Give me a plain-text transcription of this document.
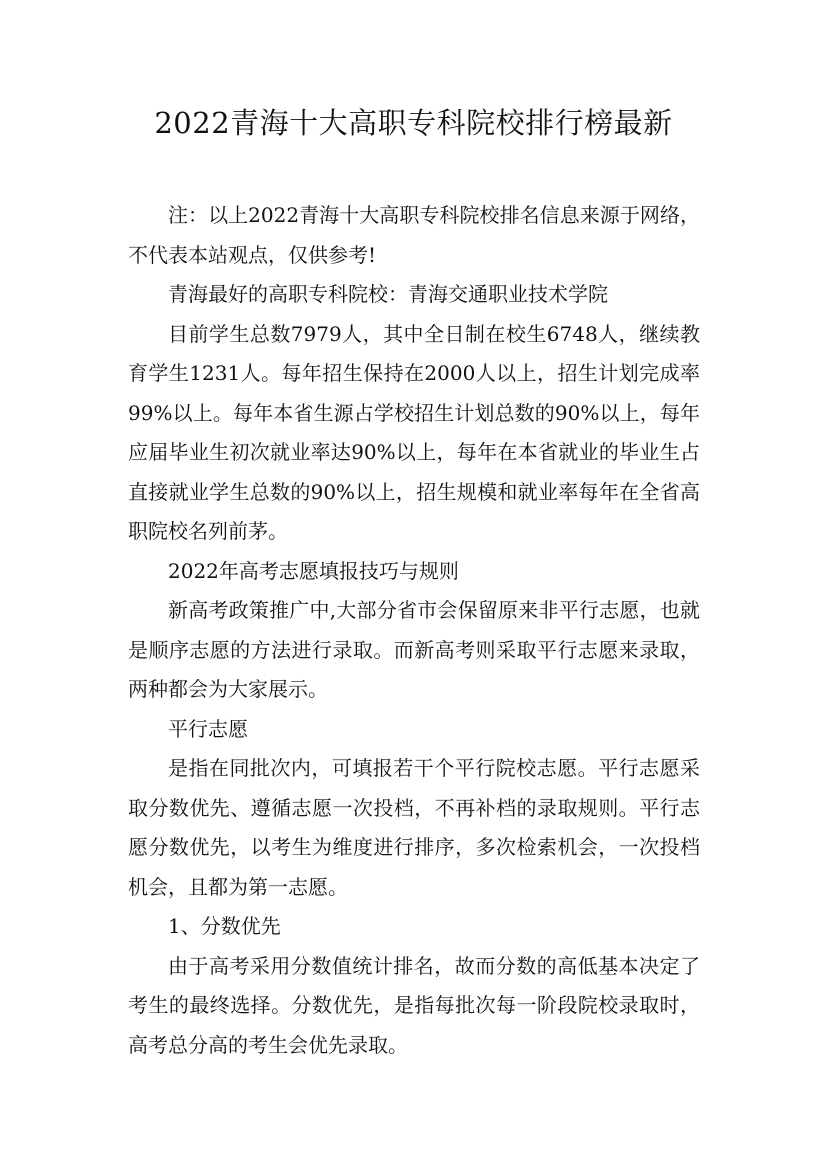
2022青海十大高职专科院校排行榜最新

注：以上2022青海十大高职专科院校排名信息来源于网络，不代表本站观点，仅供参考!

青海最好的高职专科院校：青海交通职业技术学院

目前学生总数7979人，其中全日制在校生6748人，继续教育学生1231人。每年招生保持在2000人以上，招生计划完成率99%以上。每年本省生源占学校招生计划总数的90%以上，每年应届毕业生初次就业率达90%以上，每年在本省就业的毕业生占直接就业学生总数的90%以上，招生规模和就业率每年在全省高职院校名列前茅。

2022年高考志愿填报技巧与规则

新高考政策推广中,大部分省市会保留原来非平行志愿，也就是顺序志愿的方法进行录取。而新高考则采取平行志愿来录取，两种都会为大家展示。

平行志愿

是指在同批次内，可填报若干个平行院校志愿。平行志愿采取分数优先、遵循志愿一次投档，不再补档的录取规则。平行志愿分数优先，以考生为维度进行排序，多次检索机会，一次投档机会，且都为第一志愿。

1、分数优先

由于高考采用分数值统计排名，故而分数的高低基本决定了考生的最终选择。分数优先，是指每批次每一阶段院校录取时，高考总分高的考生会优先录取。
